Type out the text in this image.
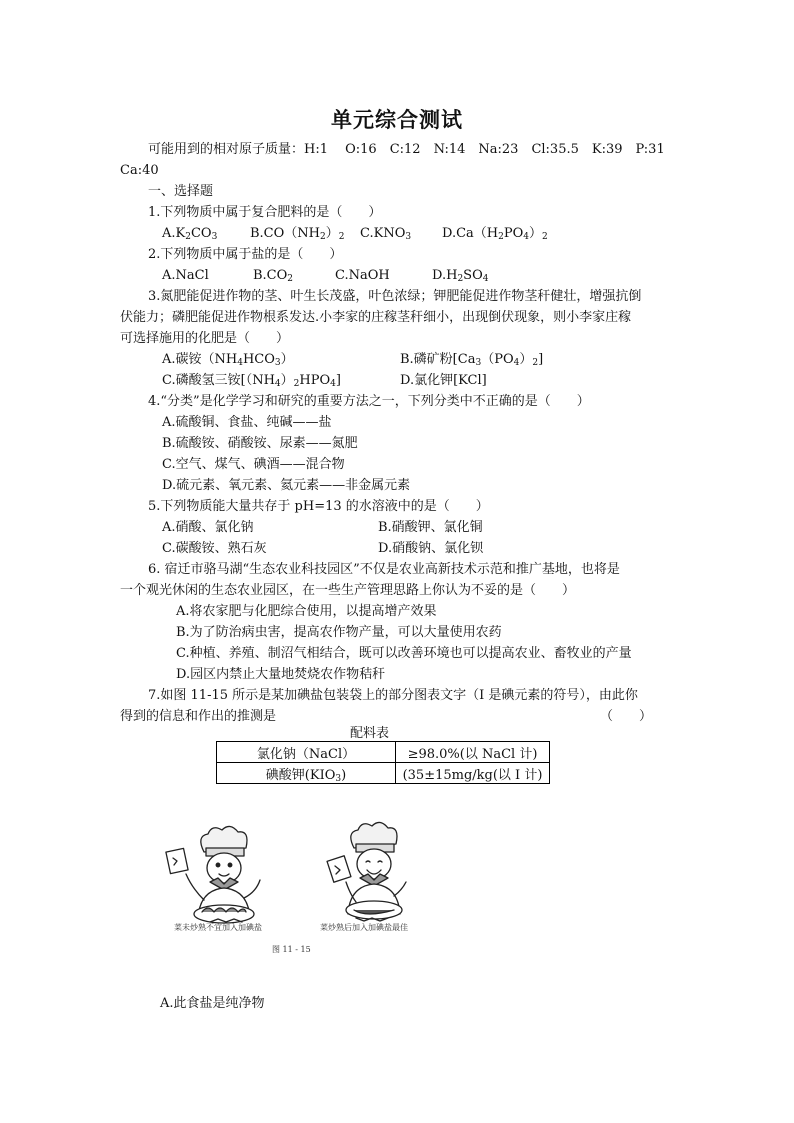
单元综合测试
可能用到的相对原子质量：H:1　 O:16　C:12　N:14　Na:23　Cl:35.5　K:39　P:31
Ca:40
一、选择题
1.下列物质中属于复合肥料的是（　　）
$A.K_2CO_3$	$B.CO(NH_2)_2$ $C.KNO_3$ $D.Ca(H_2PO_4)_2$
2.下列物质中属于盐的是（　　）
A.NaCl	$B.CO_2$	C.NaOH	$D.H_2SO_4$
3.氮肥能促进作物的茎、叶生长茂盛，叶色浓绿；钾肥能促进作物茎秆健壮，增强抗倒
伏能力；磷肥能促进作物根系发达.小李家的庄稼茎秆细小，出现倒伏现象，则小李家庄稼
可选择施用的化肥是（　　）
A.碳铵$(NH_4HCO_3)$	B.磷矿粉$[Ca_3(PO_4)_2]$
C.磷酸氢三铵$[(NH_4)_2HPO_4]$	D.氯化钾[KCl]
4.“分类”是化学学习和研究的重要方法之一，下列分类中不正确的是（　　）
A.硫酸铜、食盐、纯碱——盐
B.硫酸铵、硝酸铵、尿素——氮肥
C.空气、煤气、碘酒——混合物
D.硫元素、氧元素、氦元素——非金属元素
5.下列物质能大量共存于 pH=13 的水溶液中的是（　　）
A.硝酸、氯化钠	B.硝酸钾、氯化铜
C.碳酸铵、熟石灰	D.硝酸钠、氯化钡
6. 宿迁市骆马湖“生态农业科技园区”不仅是农业高新技术示范和推广基地，也将是
一个观光休闲的生态农业园区，在一些生产管理思路上你认为不妥的是（　　）
A.将农家肥与化肥综合使用，以提高增产效果
B.为了防治病虫害，提高农作物产量，可以大量使用农药
C.种植、养殖、制沼气相结合，既可以改善环境也可以提高农业、畜牧业的产量
D.园区内禁止大量地焚烧农作物秸秆
7.如图 11-15 所示是某加碘盐包装袋上的部分图表文字（I 是碘元素的符号），由此你
得到的信息和作出的推测是	（　　）
配料表
氯化钠（NaCl）	≥98.0%(以 NaCl 计)
碘酸钾$(KIO_3)$	(35±15mg/kg(以 I 计)
菜未炒熟不宜加入加碘盐	菜炒熟后加入加碘盐最佳
图 11 - 15
A.此食盐是纯净物
